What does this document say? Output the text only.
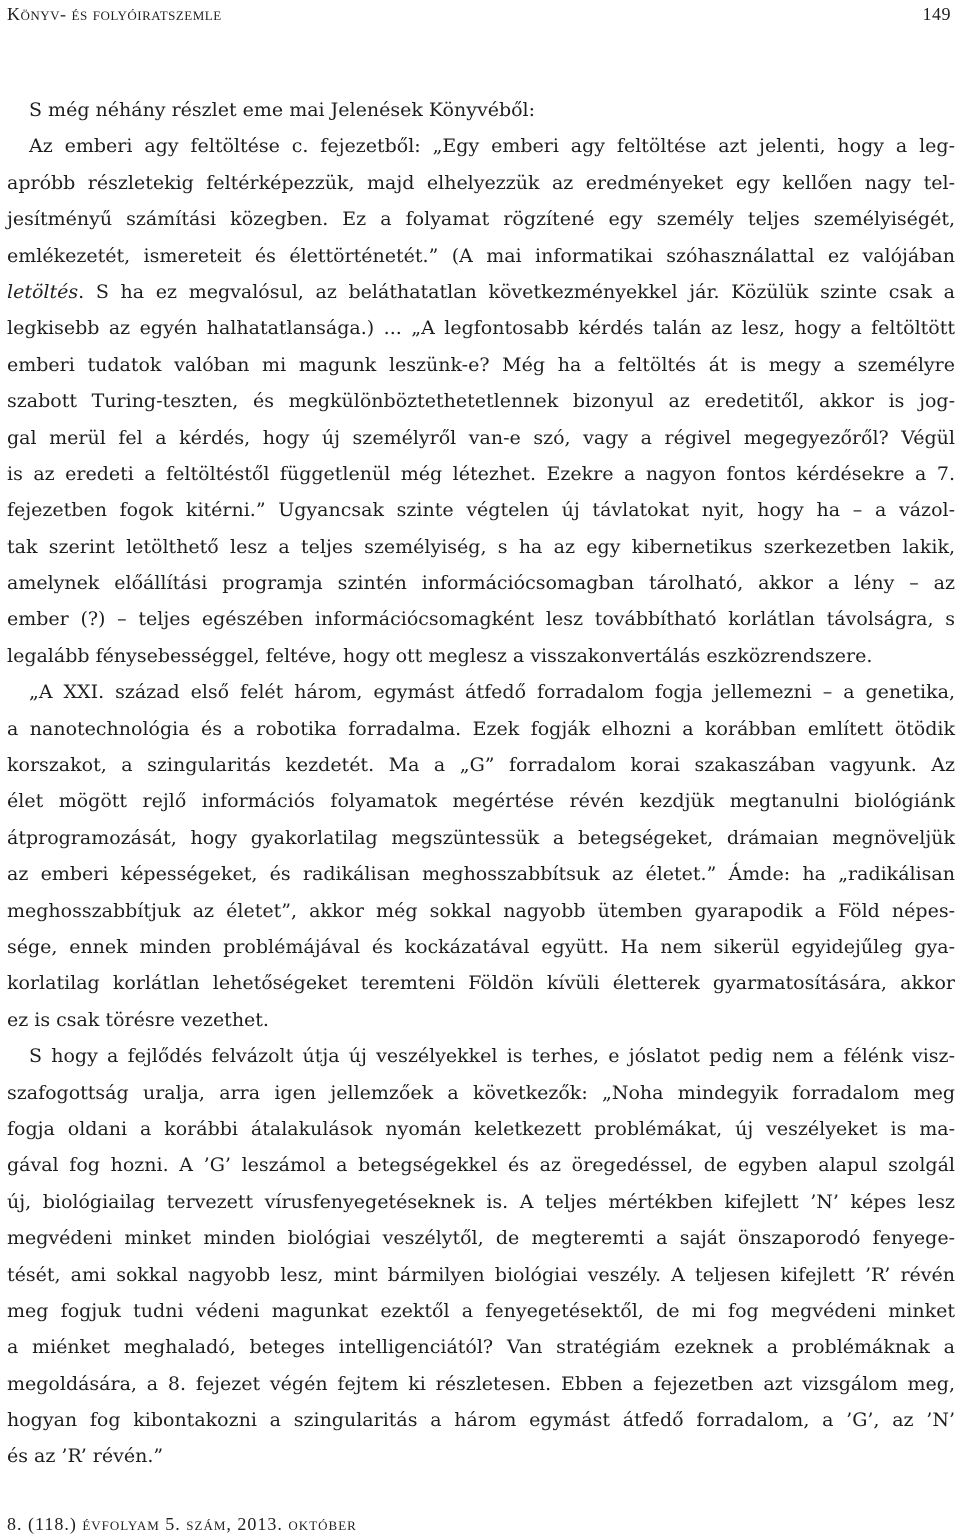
Könyv- és folyóiratszemle	149
S még néhány részlet eme mai Jelenések Könyvéből:
Az emberi agy feltöltése c. fejezetből: „Egy emberi agy feltöltése azt jelenti, hogy a leg-
apróbb részletekig feltérképezzük, majd elhelyezzük az eredményeket egy kellően nagy tel-
jesítményű számítási közegben. Ez a folyamat rögzítené egy személy teljes személyiségét,
emlékezetét, ismereteit és élettörténetét.” (A mai informatikai szóhasználattal ez valójában
letöltés. S ha ez megvalósul, az beláthatatlan következményekkel jár. Közülük szinte csak a
legkisebb az egyén halhatatlansága.) ... „A legfontosabb kérdés talán az lesz, hogy a feltöltött
emberi tudatok valóban mi magunk leszünk-e? Még ha a feltöltés át is megy a személyre
szabott Turing-teszten, és megkülönböztethetetlennek bizonyul az eredetitől, akkor is jog-
gal merül fel a kérdés, hogy új személyről van-e szó, vagy a régivel megegyezőről? Végül
is az eredeti a feltöltéstől függetlenül még létezhet. Ezekre a nagyon fontos kérdésekre a 7.
fejezetben fogok kitérni.” Ugyancsak szinte végtelen új távlatokat nyit, hogy ha – a vázol-
tak szerint letölthető lesz a teljes személyiség, s ha az egy kibernetikus szerkezetben lakik,
amelynek előállítási programja szintén információcsomagban tárolható, akkor a lény – az
ember (?) – teljes egészében információcsomagként lesz továbbítható korlátlan távolságra, s
legalább fénysebességgel, feltéve, hogy ott meglesz a visszakonvertálás eszközrendszere.
„A XXI. század első felét három, egymást átfedő forradalom fogja jellemezni – a genetika,
a nanotechnológia és a robotika forradalma. Ezek fogják elhozni a korábban említett ötödik
korszakot, a szingularitás kezdetét. Ma a „G” forradalom korai szakaszában vagyunk. Az
élet mögött rejlő információs folyamatok megértése révén kezdjük megtanulni biológiánk
átprogramozását, hogy gyakorlatilag megszüntessük a betegségeket, drámaian megnöveljük
az emberi képességeket, és radikálisan meghosszabbítsuk az életet.” Ámde: ha „radikálisan
meghosszabbítjuk az életet”, akkor még sokkal nagyobb ütemben gyarapodik a Föld népes-
sége, ennek minden problémájával és kockázatával együtt. Ha nem sikerül egyidejűleg gya-
korlatilag korlátlan lehetőségeket teremteni Földön kívüli életterek gyarmatosítására, akkor
ez is csak törésre vezethet.
S hogy a fejlődés felvázolt útja új veszélyekkel is terhes, e jóslatot pedig nem a félénk visz-
szafogottság uralja, arra igen jellemzőek a következők: „Noha mindegyik forradalom meg
fogja oldani a korábbi átalakulások nyomán keletkezett problémákat, új veszélyeket is ma-
gával fog hozni. A ’G’ leszámol a betegségekkel és az öregedéssel, de egyben alapul szolgál
új, biológiailag tervezett vírusfenyegetéseknek is. A teljes mértékben kifejlett ’N’ képes lesz
megvédeni minket minden biológiai veszélytől, de megteremti a saját önszaporodó fenyege-
tését, ami sokkal nagyobb lesz, mint bármilyen biológiai veszély. A teljesen kifejlett ’R’ révén
meg fogjuk tudni védeni magunkat ezektől a fenyegetésektől, de mi fog megvédeni minket
a miénket meghaladó, beteges intelligenciától? Van stratégiám ezeknek a problémáknak a
megoldására, a 8. fejezet végén fejtem ki részletesen. Ebben a fejezetben azt vizsgálom meg,
hogyan fog kibontakozni a szingularitás a három egymást átfedő forradalom, a ’G’, az ’N’
és az ’R’ révén.”
8. (118.) évfolyam 5. szám, 2013. október
